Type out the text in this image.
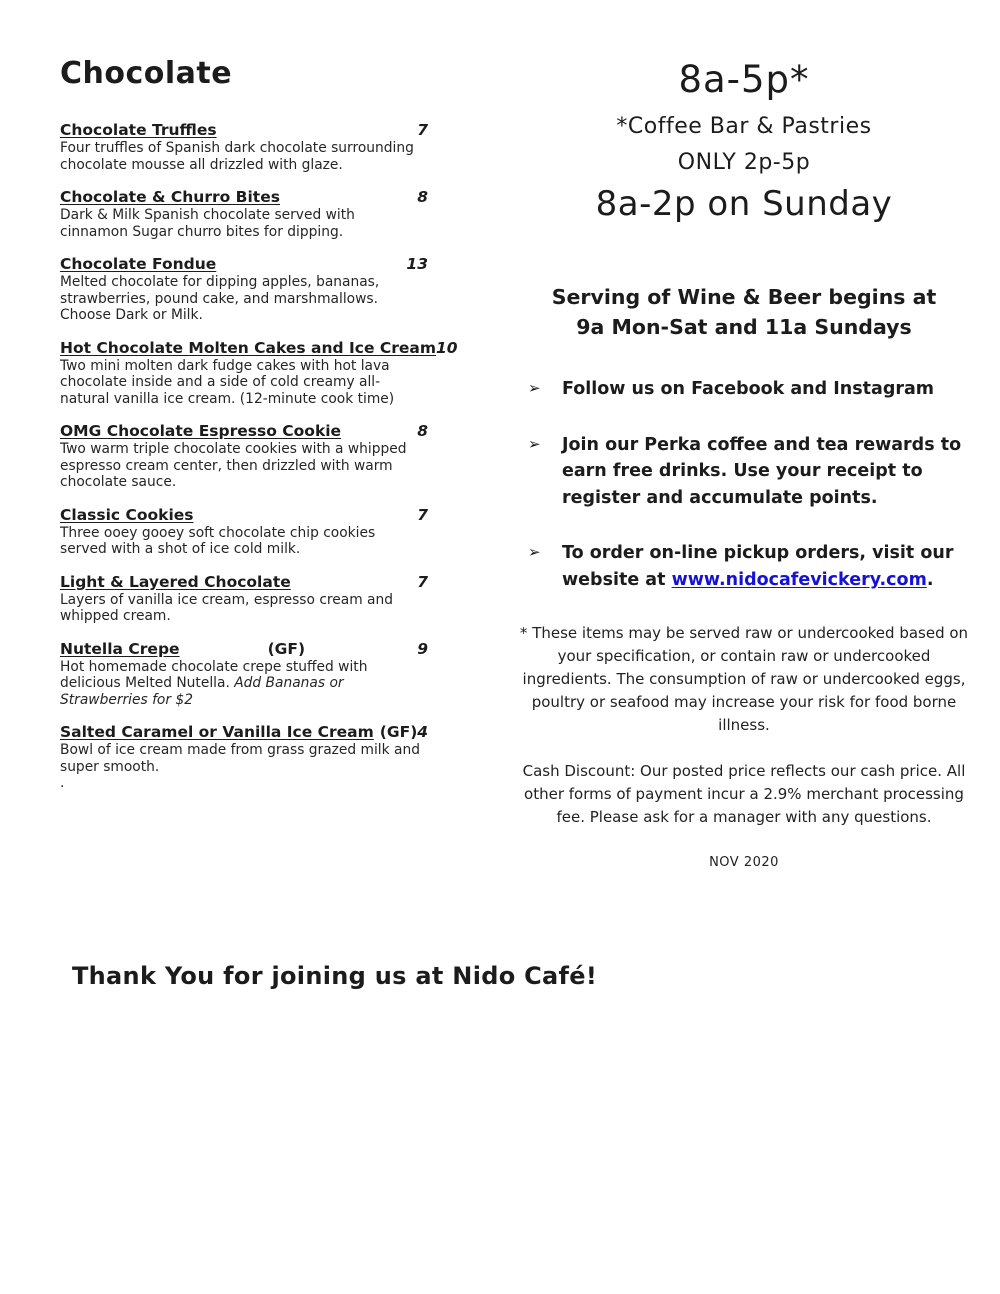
Chocolate
Chocolate Truffles	7
Four truffles of Spanish dark chocolate surrounding chocolate mousse all drizzled with glaze.
Chocolate & Churro Bites	8
Dark & Milk Spanish chocolate served with cinnamon Sugar churro bites for dipping.
Chocolate Fondue	13
Melted chocolate for dipping apples, bananas, strawberries, pound cake, and marshmallows. Choose Dark or Milk.
Hot Chocolate Molten Cakes and Ice Cream 10
Two mini molten dark fudge cakes with hot lava chocolate inside and a side of cold creamy all-natural vanilla ice cream. (12-minute cook time)
OMG Chocolate Espresso Cookie	8
Two warm triple chocolate cookies with a whipped espresso cream center, then drizzled with warm chocolate sauce.
Classic Cookies	7
Three ooey gooey soft chocolate chip cookies served with a shot of ice cold milk.
Light & Layered Chocolate	7
Layers of vanilla ice cream, espresso cream and whipped cream.
Nutella Crepe	(GF)	9
Hot homemade chocolate crepe stuffed with delicious Melted Nutella. Add Bananas or Strawberries for $2
Salted Caramel or Vanilla Ice Cream (GF) 4
Bowl of ice cream made from grass grazed milk and super smooth.
.
8a-5p*
*Coffee Bar & Pastries
ONLY 2p-5p
8a-2p on Sunday
Serving of Wine & Beer begins at
9a Mon-Sat and 11a Sundays
➢	Follow us on Facebook and Instagram
➢	Join our Perka coffee and tea rewards to earn free drinks. Use your receipt to register and accumulate points.
➢	To order on-line pickup orders, visit our website at www.nidocafevickery.com.
* These items may be served raw or undercooked based on your specification, or contain raw or undercooked ingredients. The consumption of raw or undercooked eggs, poultry or seafood may increase your risk for food borne illness.
Cash Discount: Our posted price reflects our cash price. All other forms of payment incur a 2.9% merchant processing fee. Please ask for a manager with any questions.
NOV 2020
Thank You for joining us at Nido Café!
